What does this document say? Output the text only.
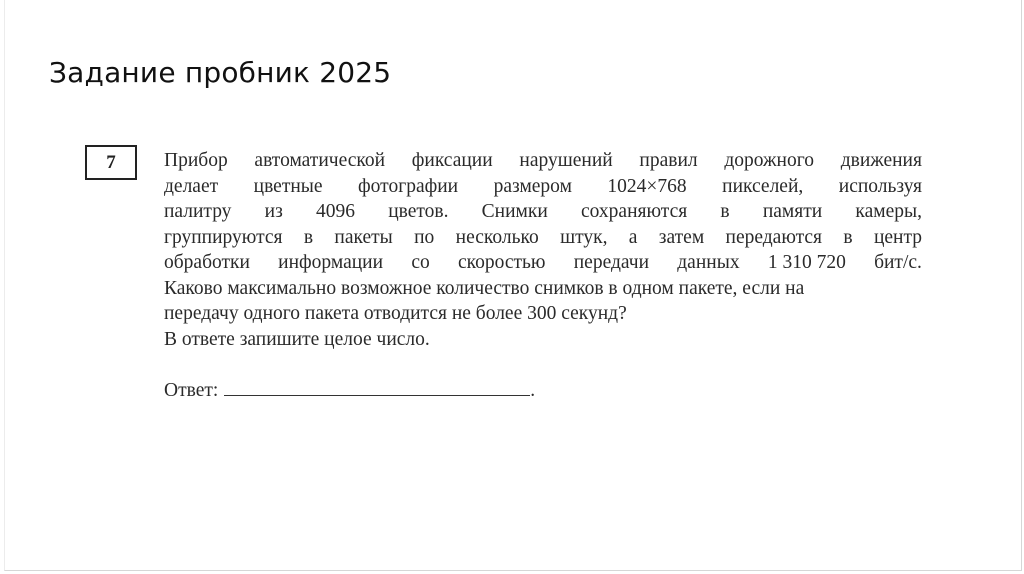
Задание пробник 2025
7 Прибор автоматической фиксации нарушений правил дорожного движения
делает цветные фотографии размером 1024×768 пикселей, используя
палитру из 4096 цветов. Снимки сохраняются в памяти камеры,
группируются в пакеты по несколько штук, а затем передаются в центр
обработки информации со скоростью передачи данных 1 310 720 бит/с.
Каково максимально возможное количество снимков в одном пакете, если на
передачу одного пакета отводится не более 300 секунд?
В ответе запишите целое число.
Ответ:	.
